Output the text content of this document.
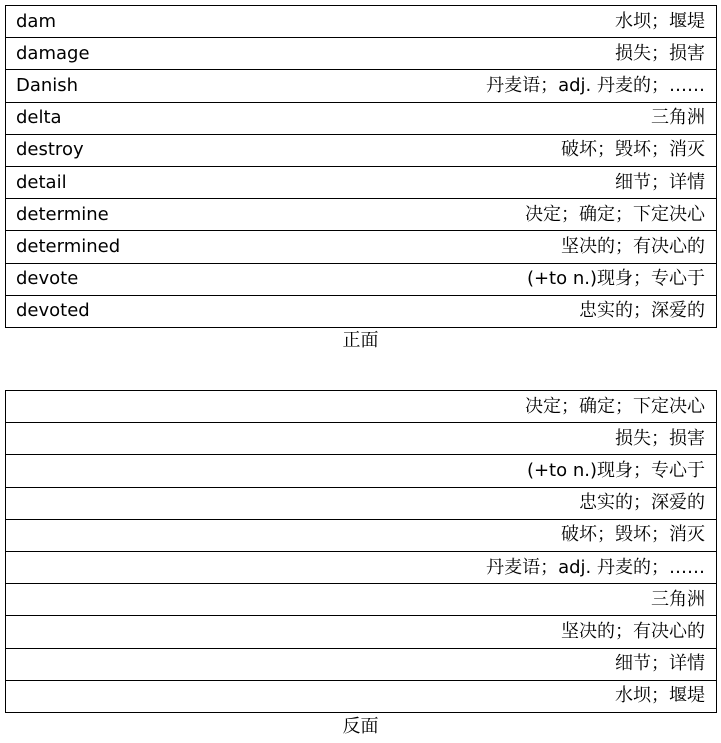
dam	水坝；堰堤
damage	损失；损害
Danish	丹麦语；adj. 丹麦的；……
delta	三角洲
destroy	破坏；毁坏；消灭
detail	细节；详情
determine	决定；确定；下定决心
determined	坚决的；有决心的
devote	(+to n.)现身；专心于
devoted	忠实的；深爱的
正面
决定；确定；下定决心
损失；损害
(+to n.)现身；专心于
忠实的；深爱的
破坏；毁坏；消灭
丹麦语；adj. 丹麦的；……
三角洲
坚决的；有决心的
细节；详情
水坝；堰堤
反面
